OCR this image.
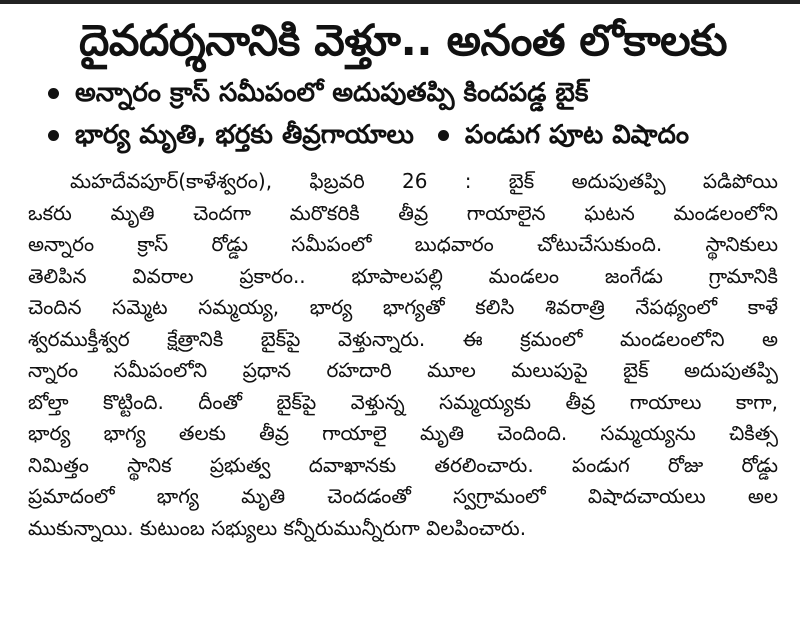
దైవదర్శనానికి వెళ్తూ.. అనంత లోకాలకు
అన్నారం క్రాస్‌ సమీపంలో అదుపుతప్పి కిందపడ్డ బైక్‌
భార్య మృతి, భర్తకు తీవ్రగాయాలు పండుగ పూట విషాదం
మహదేవపూర్‌(కాళేశ్వరం), ఫిబ్రవరి 26 : బైక్‌ అదుపుతప్పి పడిపోయి
ఒకరు మృతి చెందగా మరొకరికి తీవ్ర గాయాలైన ఘటన మండలంలోని
అన్నారం క్రాస్‌ రోడ్డు సమీపంలో బుధవారం చోటుచేసుకుంది. స్థానికులు
తెలిపిన వివరాల ప్రకారం.. భూపాలపల్లి మండలం జంగేడు గ్రామానికి
చెందిన సమ్మెట సమ్మయ్య, భార్య భాగ్యతో కలిసి శివరాత్రి నేపథ్యంలో కాళే
శ్వరముక్తీశ్వర క్షేత్రానికి బైక్‌పై వెళ్తున్నారు. ఈ క్రమంలో మండలంలోని అ
న్నారం సమీపంలోని ప్రధాన రహదారి మూల మలుపుపై బైక్‌ అదుపుతప్పి
బోల్తా కొట్టింది. దీంతో బైక్‌పై వెళ్తున్న సమ్మయ్యకు తీవ్ర గాయాలు కాగా,
భార్య భాగ్య తలకు తీవ్ర గాయాలై మృతి చెందింది. సమ్మయ్యను చికిత్స
నిమిత్తం స్థానిక ప్రభుత్వ దవాఖానకు తరలించారు. పండుగ రోజు రోడ్డు
ప్రమాదంలో భాగ్య మృతి చెందడంతో స్వగ్రామంలో విషాదచాయలు అల
ముకున్నాయి. కుటుంబ సభ్యులు కన్నీరుమున్నీరుగా విలపించారు.
